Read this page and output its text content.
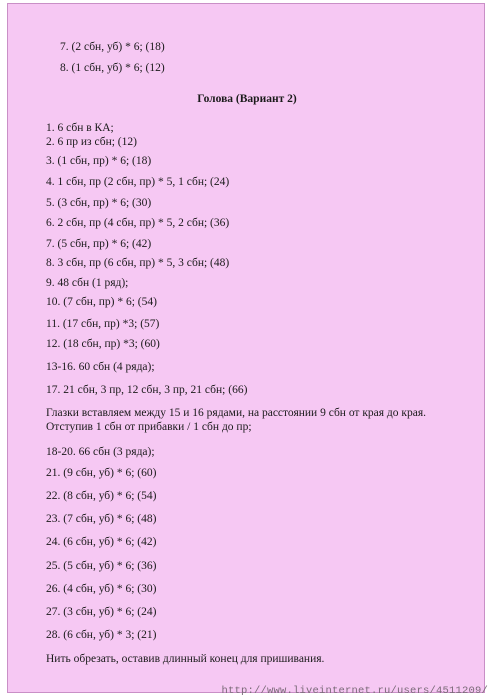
7. (2 сбн, уб) * 6; (18)
8. (1 сбн, уб) * 6; (12)
Голова (Вариант 2)
1. 6 сбн в КА;
2. 6 пр из сбн; (12)
3. (1 сбн, пр) * 6; (18)
4. 1 сбн, пр (2 сбн, пр) * 5, 1 сбн; (24)
5. (3 сбн, пр) * 6; (30)
6. 2 сбн, пр (4 сбн, пр) * 5, 2 сбн; (36)
7. (5 сбн, пр) * 6; (42)
8. 3 сбн, пр (6 сбн, пр) * 5, 3 сбн; (48)
9. 48 сбн (1 ряд);
10. (7 сбн, пр) * 6; (54)
11. (17 сбн, пр) *3; (57)
12. (18 сбн, пр) *3; (60)
13-16. 60 сбн (4 ряда);
17. 21 сбн, 3 пр, 12 сбн, 3 пр, 21 сбн; (66)
Глазки вставляем между 15 и 16 рядами, на расстоянии 9 сбн от края до края.
Отступив 1 сбн от прибавки / 1 сбн до пр;
18-20. 66 сбн (3 ряда);
21. (9 сбн, уб) * 6; (60)
22. (8 сбн, уб) * 6; (54)
23. (7 сбн, уб) * 6; (48)
24. (6 сбн, уб) * 6; (42)
25. (5 сбн, уб) * 6; (36)
26. (4 сбн, уб) * 6; (30)
27. (3 сбн, уб) * 6; (24)
28. (6 сбн, уб) * 3; (21)
Нить обрезать, оставив длинный конец для пришивания.
http://www.liveinternet.ru/users/4511209/
